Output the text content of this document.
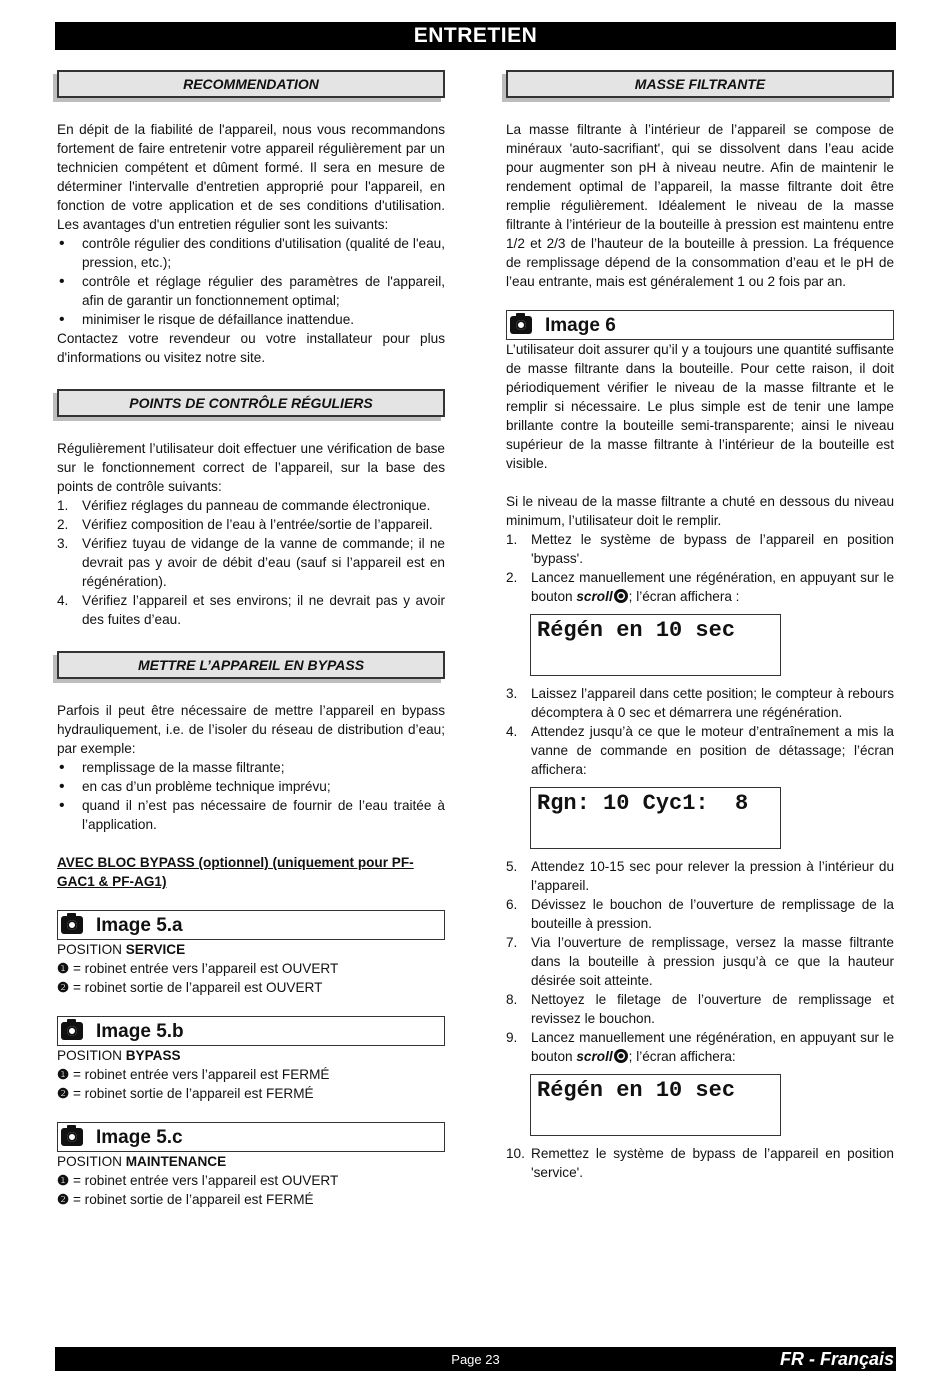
ENTRETIEN
RECOMMENDATION

En dépit de la fiabilité de l'appareil, nous vous recommandons fortement de faire entretenir votre appareil régulièrement par un technicien compétent et dûment formé. Il sera en mesure de déterminer l'intervalle d'entretien approprié pour l'appareil, en fonction de votre application et de ses conditions d'utilisation. Les avantages d'un entretien régulier sont les suivants:

• contrôle régulier des conditions d'utilisation (qualité de l'eau, pression, etc.);
• contrôle et réglage régulier des paramètres de l'appareil, afin de garantir un fonctionnement optimal;
• minimiser le risque de défaillance inattendue.

Contactez votre revendeur ou votre installateur pour plus d'informations ou visitez notre site.

POINTS DE CONTRÔLE RÉGULIERS

Régulièrement l’utilisateur doit effectuer une vérification de base sur le fonctionnement correct de l’appareil, sur la base des points de contrôle suivants:

1. Vérifiez réglages du panneau de commande électronique.
2. Vérifiez composition de l’eau à l’entrée/sortie de l’appareil.
3. Vérifiez tuyau de vidange de la vanne de commande; il ne devrait pas y avoir de débit d’eau (sauf si l’appareil est en régénération).
4. Vérifiez l’appareil et ses environs; il ne devrait pas y avoir des fuites d’eau.
METTRE L’APPAREIL EN BYPASS

Parfois il peut être nécessaire de mettre l’appareil en bypass hydrauliquement, i.e. de l’isoler du réseau de distribution d’eau; par exemple:

• remplissage de la masse filtrante;
• en cas d’un problème technique imprévu;
• quand il n’est pas nécessaire de fournir de l’eau traitée à l’application.

AVEC BLOC BYPASS (optionnel) (uniquement pour PF-GAC1 & PF-AG1)

Image 5.a

POSITION SERVICE

❶ = robinet entrée vers l’appareil est OUVERT

❷ = robinet sortie de l’appareil est OUVERT

Image 5.b

POSITION BYPASS

❶ = robinet entrée vers l’appareil est FERMÉ

❷ = robinet sortie de l’appareil est FERMÉ

Image 5.c

POSITION MAINTENANCE

❶ = robinet entrée vers l’appareil est OUVERT

❷ = robinet sortie de l’appareil est FERMÉ

MASSE FILTRANTE

La masse filtrante à l’intérieur de l’appareil se compose de minéraux 'auto-sacrifiant', qui se dissolvent dans l’eau acide pour augmenter son pH à niveau neutre. Afin de maintenir le rendement optimal de l’appareil, la masse filtrante doit être remplie régulièrement. Idéalement le niveau de la masse filtrante à l’intérieur de la bouteille à pression est maintenu entre 1/2 et 2/3 de l’hauteur de la bouteille à pression. La fréquence de remplissage dépend de la consommation d’eau et le pH de l’eau entrante, mais est généralement 1 ou 2 fois par an.

Image 6

L’utilisateur doit assurer qu’il y a toujours une quantité suffisante de masse filtrante dans la bouteille. Pour cette raison, il doit périodiquement vérifier le niveau de la masse filtrante et le remplir si nécessaire. Le plus simple est de tenir une lampe brillante contre la bouteille semi-transparente; ainsi le niveau supérieur de la masse filtrante à l’intérieur de la bouteille est visible.

Si le niveau de la masse filtrante a chuté en dessous du niveau minimum, l’utilisateur doit le remplir.

1. Mettez le système de bypass de l’appareil en position 'bypass'.
2. Lancez manuellement une régénération, en appuyant sur le bouton scroll ; l’écran affichera :
Régén en 10 sec
3. Laissez l’appareil dans cette position; le compteur à rebours décomptera à 0 sec et démarrera une régénération.
4. Attendez jusqu’à ce que le moteur d’entraînement a mis la vanne de commande en position de détassage; l’écran affichera:
Rgn: 10 Cyc1:  8
5. Attendez 10-15 sec pour relever la pression à l’intérieur du l’appareil.
6. Dévissez le bouchon de l’ouverture de remplissage de la bouteille à pression.
7. Via l’ouverture de remplissage, versez la masse filtrante dans la bouteille à pression jusqu’à ce que la hauteur désirée soit atteinte.
8. Nettoyez le filetage de l’ouverture de remplissage et revissez le bouchon.
9. Lancez manuellement une régénération, en appuyant sur le bouton scroll ; l’écran affichera:
Régén en 10 sec
10. Remettez le système de bypass de l’appareil en position 'service'.
Page 23	FR - Français
